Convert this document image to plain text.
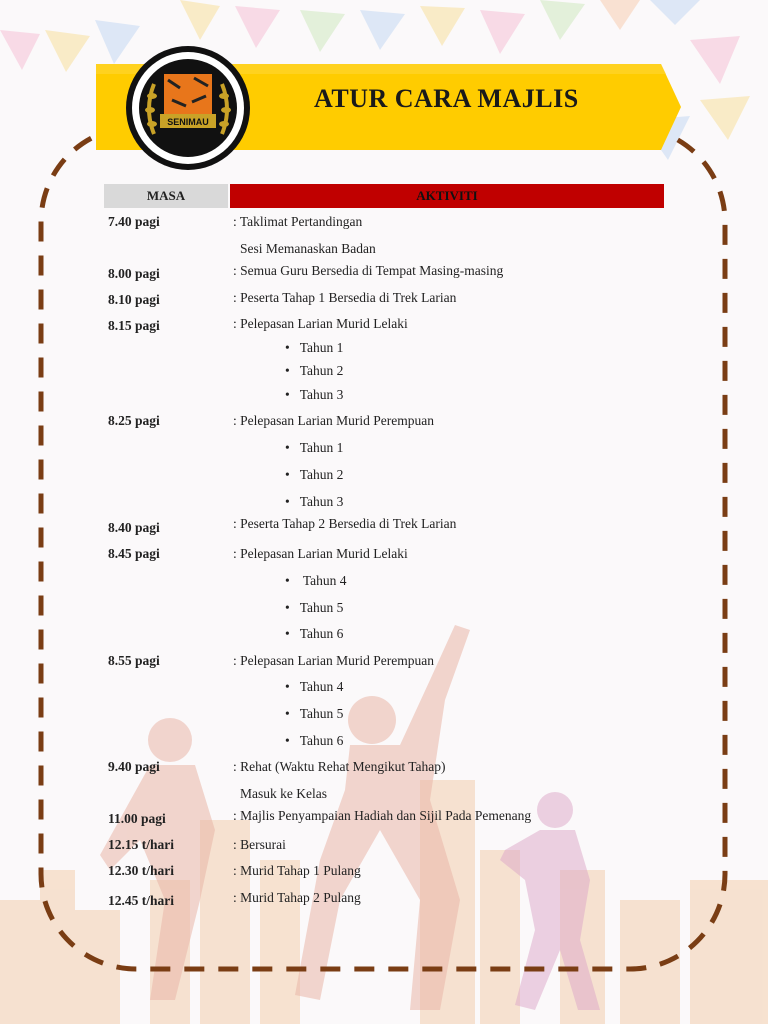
ATUR CARA MAJLIS
SENIMAU
MASA	AKTIVITI
7.40 pagi	: Taklimat Pertandingan
Sesi Memanaskan Badan
8.00 pagi	: Semua Guru Bersedia di Tempat Masing-masing
8.10 pagi	: Peserta Tahap 1 Bersedia di Trek Larian
8.15 pagi	: Pelepasan Larian Murid Lelaki
• Tahun 1
• Tahun 2
• Tahun 3
8.25 pagi	: Pelepasan Larian Murid Perempuan
• Tahun 1
• Tahun 2
• Tahun 3
8.40 pagi	: Peserta Tahap 2 Bersedia di Trek Larian
8.45 pagi	: Pelepasan Larian Murid Lelaki
• Tahun 4
• Tahun 5
• Tahun 6
8.55 pagi	: Pelepasan Larian Murid Perempuan
• Tahun 4
• Tahun 5
• Tahun 6
9.40 pagi	: Rehat (Waktu Rehat Mengikut Tahap)
Masuk ke Kelas
11.00 pagi	: Majlis Penyampaian Hadiah dan Sijil Pada Pemenang
12.15 t/hari	: Bersurai
12.30 t/hari	: Murid Tahap 1 Pulang
12.45 t/hari	: Murid Tahap 2 Pulang
